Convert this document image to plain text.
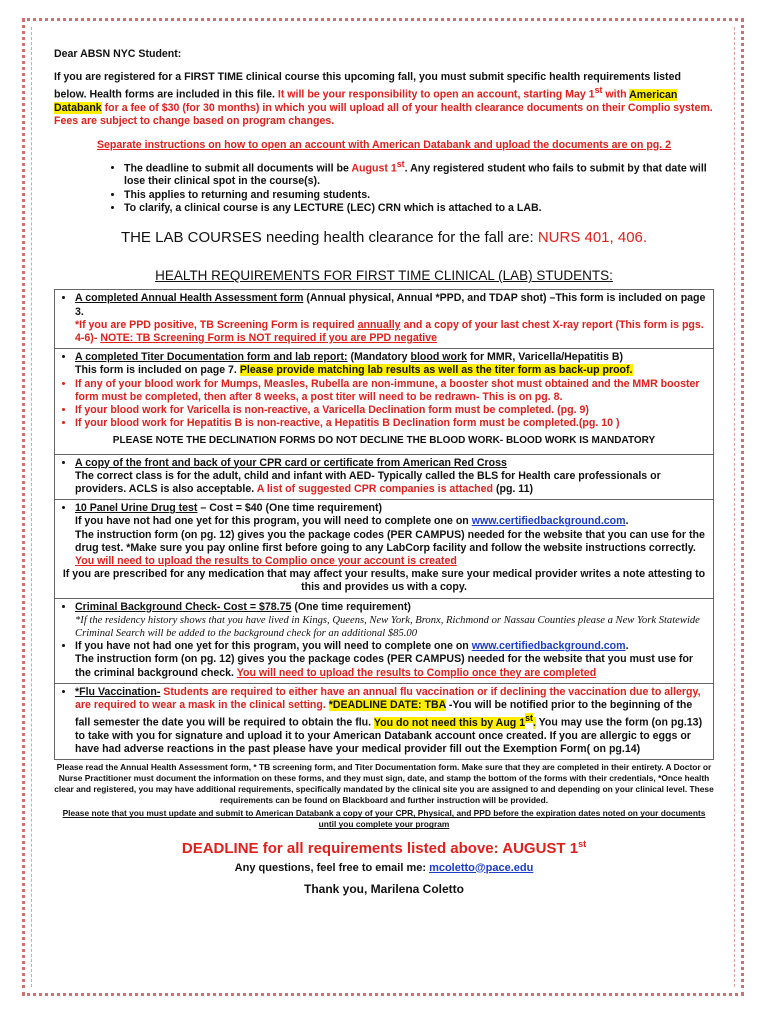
Dear ABSN NYC Student:

If you are registered for a FIRST TIME clinical course this upcoming fall, you must submit specific health requirements listed below. Health forms are included in this file. It will be your responsibility to open an account, starting May 1st with American Databank for a fee of $30 (for 30 months) in which you will upload all of your health clearance documents on their Complio system.
Fees are subject to change based on program changes.

Separate instructions on how to open an account with American Databank and upload the documents are on pg. 2

• The deadline to submit all documents will be August 1st. Any registered student who fails to submit by that date will lose their clinical spot in the course(s).
• This applies to returning and resuming students.
• To clarify, a clinical course is any LECTURE (LEC) CRN which is attached to a LAB.

THE LAB COURSES needing health clearance for the fall are: NURS 401, 406.

HEALTH REQUIREMENTS FOR FIRST TIME CLINICAL (LAB) STUDENTS:

• A completed Annual Health Assessment form (Annual physical, Annual *PPD, and TDAP shot) –This form is included on page 3.
*If you are PPD positive, TB Screening Form is required annually and a copy of your last chest X-ray report (This form is pgs. 4-6)- NOTE: TB Screening Form is NOT required if you are PPD negative
• A completed Titer Documentation form and lab report: (Mandatory blood work for MMR, Varicella/Hepatitis B)
This form is included on page 7. Please provide matching lab results as well as the titer form as back-up proof.
• If any of your blood work for Mumps, Measles, Rubella are non-immune, a booster shot must obtained and the MMR booster form must be completed, then after 8 weeks, a post titer will need to be redrawn- This is on pg. 8.
• If your blood work for Varicella is non-reactive, a Varicella Declination form must be completed. (pg. 9)
• If your blood work for Hepatitis B is non-reactive, a Hepatitis B Declination form must be completed.(pg. 10 )

PLEASE NOTE THE DECLINATION FORMS DO NOT DECLINE THE BLOOD WORK- BLOOD WORK IS MANDATORY

• A copy of the front and back of your CPR card or certificate from American Red Cross
The correct class is for the adult, child and infant with AED- Typically called the BLS for Health care professionals or providers. ACLS is also acceptable. A list of suggested CPR companies is attached (pg. 11)
• 10 Panel Urine Drug test – Cost = $40 (One time requirement)
If you have not had one yet for this program, you will need to complete one on www.certifiedbackground.com.
The instruction form (on pg. 12) gives you the package codes (PER CAMPUS) needed for the website that you can use for the drug test. *Make sure you pay online first before going to any LabCorp facility and follow the website instructions correctly. You will need to upload the results to Complio once your account is created

If you are prescribed for any medication that may affect your results, make sure your medical provider writes a note attesting to this and provides us with a copy.

• Criminal Background Check- Cost = $78.75 (One time requirement)
*If the residency history shows that you have lived in Kings, Queens, New York, Bronx, Richmond or Nassau Counties please a New York Statewide Criminal Search will be added to the background check for an additional $85.00
• If you have not had one yet for this program, you will need to complete one on www.certifiedbackground.com.
The instruction form (on pg. 12) gives you the package codes (PER CAMPUS) needed for the website that you must use for the criminal background check. You will need to upload the results to Complio once they are completed
• *Flu Vaccination- Students are required to either have an annual flu vaccination or if declining the vaccination due to allergy, are required to wear a mask in the clinical setting. *DEADLINE DATE: TBA -You will be notified prior to the beginning of the fall semester the date you will be required to obtain the flu. You do not need this by Aug 1st. You may use the form (on pg.13) to take with you for signature and upload it to your American Databank account once created. If you are allergic to eggs or have had adverse reactions in the past please have your medical provider fill out the Exemption Form( on pg.14)

Please read the Annual Health Assessment form, * TB screening form, and Titer Documentation form. Make sure that they are completed in their entirety. A Doctor or Nurse Practitioner must document the information on these forms, and they must sign, date, and stamp the bottom of the forms with their credentials, *Once health clear and registered, you may have additional requirements, specifically mandated by the clinical site you are assigned to and depending on your clinical level. These requirements can be found on Blackboard and further instruction will be provided.

Please note that you must update and submit to American Databank a copy of your CPR, Physical, and PPD before the expiration dates noted on your documents until you complete your program

DEADLINE for all requirements listed above: AUGUST 1st

Any questions, feel free to email me: mcoletto@pace.edu

Thank you, Marilena Coletto
